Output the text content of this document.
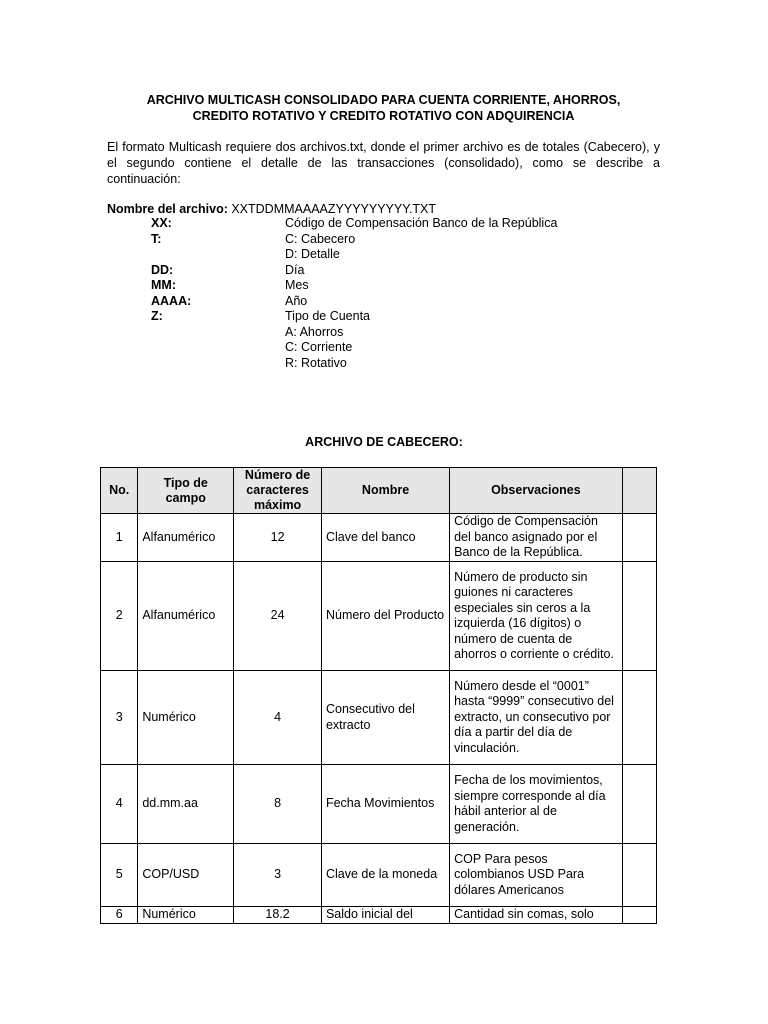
ARCHIVO MULTICASH CONSOLIDADO PARA CUENTA CORRIENTE, AHORROS,
CREDITO ROTATIVO Y CREDITO ROTATIVO CON ADQUIRENCIA
El formato Multicash requiere dos archivos.txt, donde el primer archivo es de totales (Cabecero), y el segundo contiene el detalle de las transacciones (consolidado), como se describe a continuación:
Nombre del archivo: XXTDDMMAAAAZYYYYYYYYY.TXT
XX:	Código de Compensación Banco de la República
T:	C: Cabecero
D: Detalle
DD:	Día
MM:	Mes
AAAA:	Año
Z:	Tipo de Cuenta
A: Ahorros
C: Corriente
R: Rotativo
ARCHIVO DE CABECERO:
No.	Tipo de campo	Número de caracteres máximo	Nombre	Observaciones	
1	Alfanumérico	12	Clave del banco	Código de Compensación del banco asignado por el Banco de la República.	
2	Alfanumérico	24	Número del Producto	Número de producto sin guiones ni caracteres especiales sin ceros a la izquierda (16 dígitos) o número de cuenta de ahorros o corriente o crédito.	
3	Numérico	4	Consecutivo del extracto	Número desde el “0001” hasta “9999” consecutivo del extracto, un consecutivo por día a partir del día de vinculación.	
4	dd.mm.aa	8	Fecha Movimientos	Fecha de los movimientos, siempre corresponde al día hábil anterior al de generación.	
5	COP/USD	3	Clave de la moneda	COP Para pesos colombianos USD Para dólares Americanos	
6	Numérico	18.2	Saldo inicial del	Cantidad sin comas, solo	
